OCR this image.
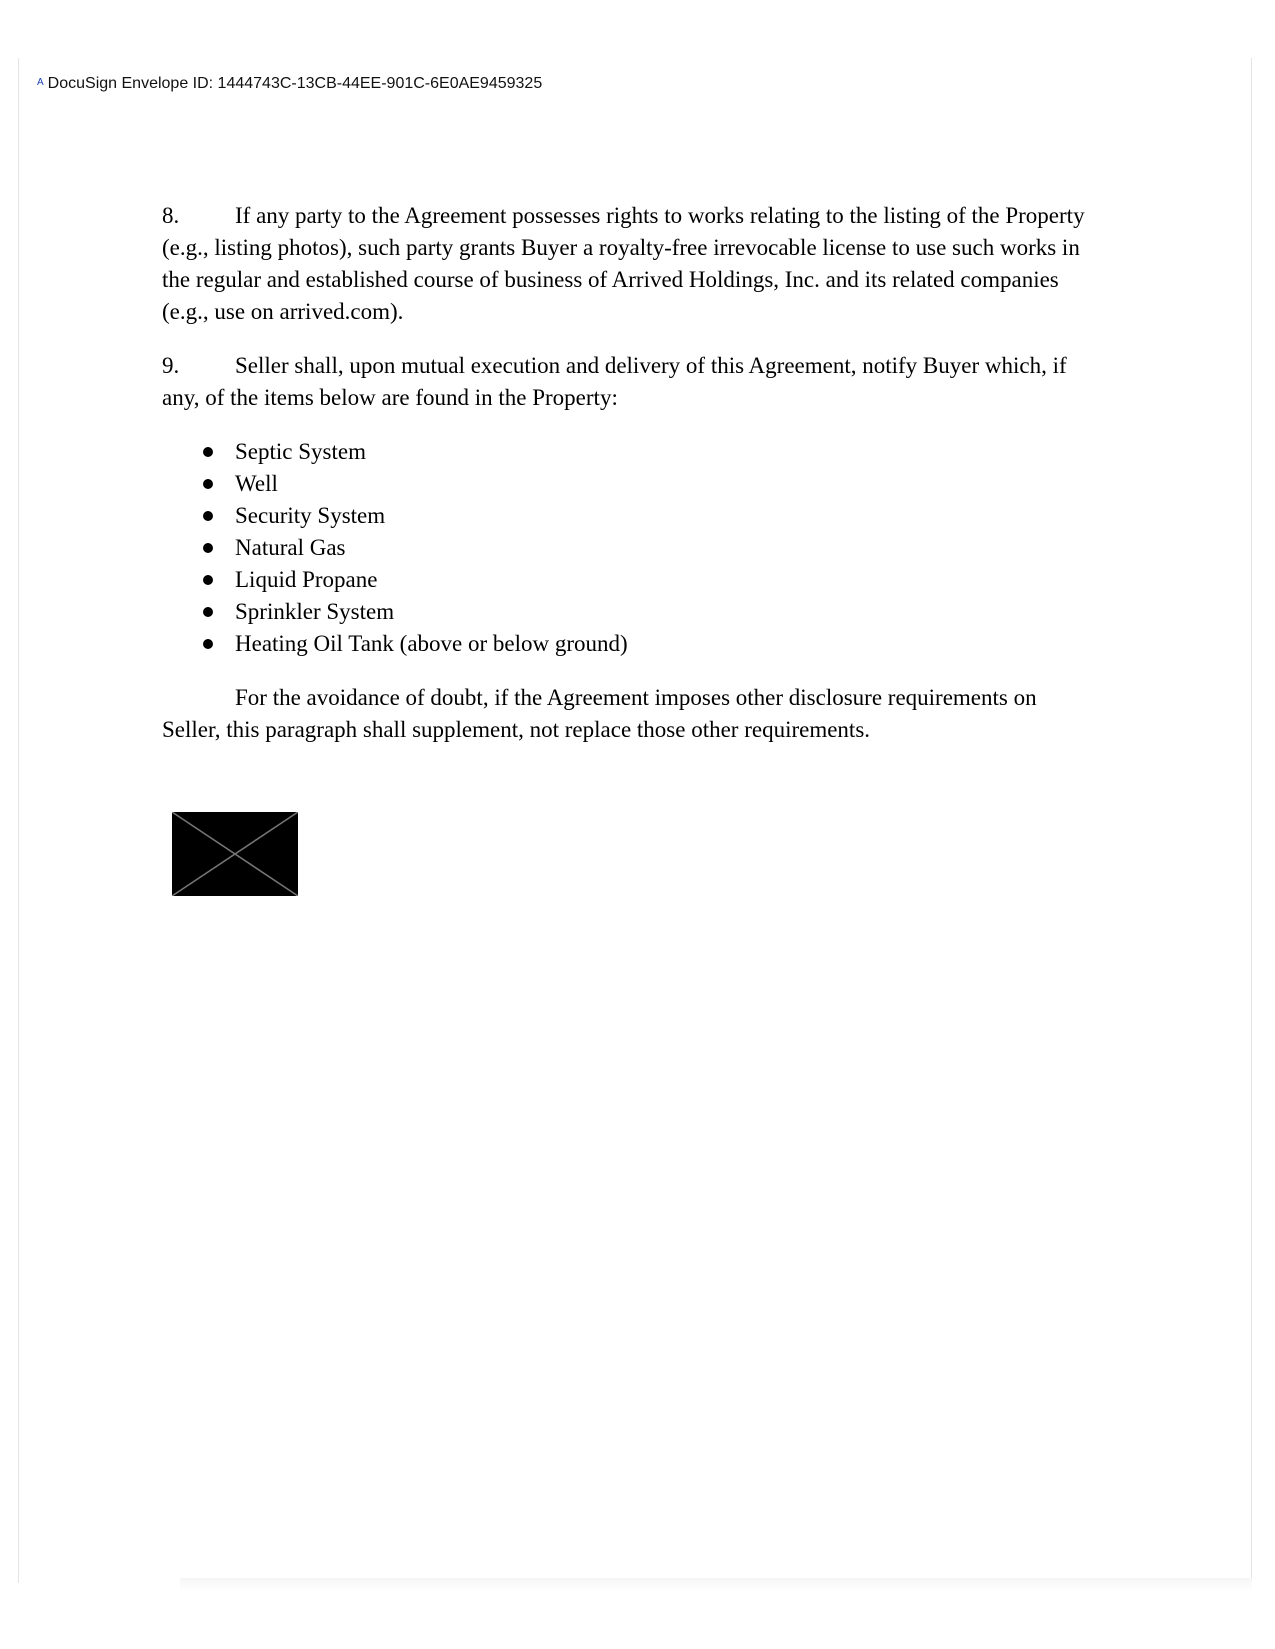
A DocuSign Envelope ID: 1444743C-13CB-44EE-901C-6E0AE9459325

8. If any party to the Agreement possesses rights to works relating to the listing of the Property (e.g., listing photos), such party grants Buyer a royalty-free irrevocable license to use such works in the regular and established course of business of Arrived Holdings, Inc. and its related companies (e.g., use on arrived.com).

9. Seller shall, upon mutual execution and delivery of this Agreement, notify Buyer which, if any, of the items below are found in the Property:

Septic System
Well
Security System
Natural Gas
Liquid Propane
Sprinkler System
Heating Oil Tank (above or below ground)

For the avoidance of doubt, if the Agreement imposes other disclosure requirements on Seller, this paragraph shall supplement, not replace those other requirements.
